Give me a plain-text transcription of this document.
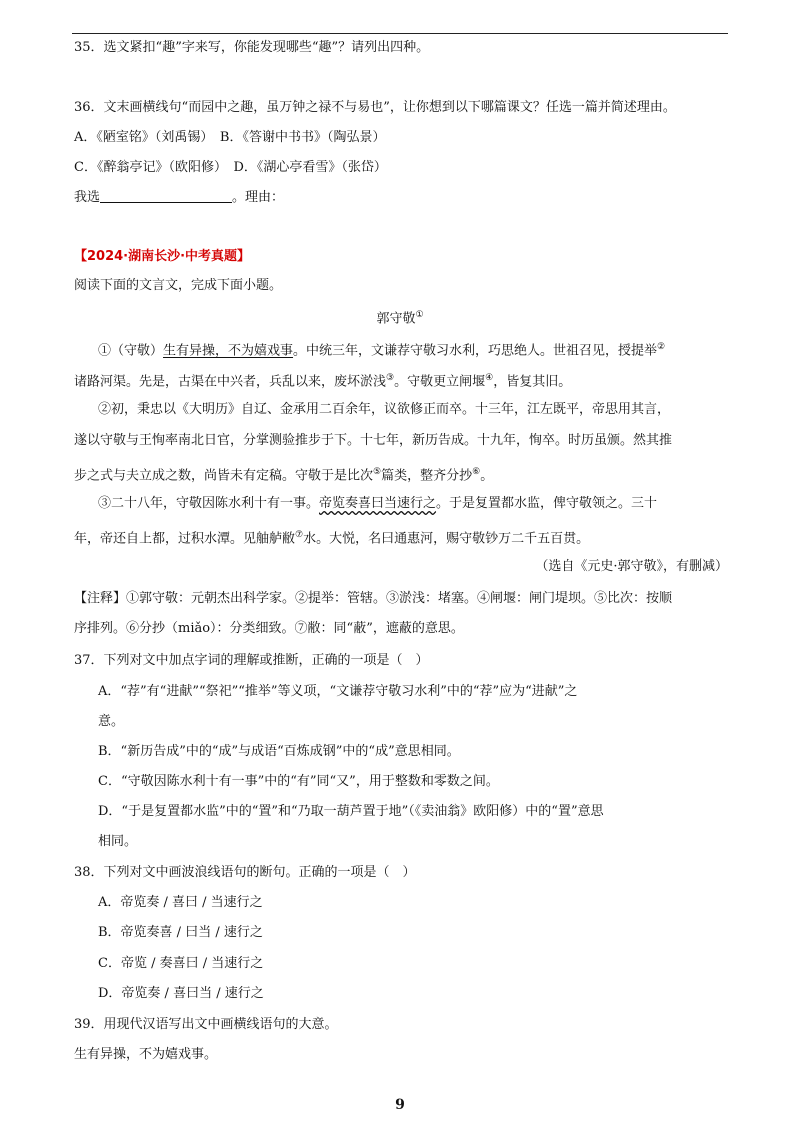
35．选文紧扣“趣”字来写，你能发现哪些“趣”？请列出四种。
36．文末画横线句“而园中之趣，虽万钟之禄不与易也”，让你想到以下哪篇课文？任选一篇并简述理由。
A．《陋室铭》（刘禹锡）　B．《答谢中书书》（陶弘景）
C．《醉翁亭记》（欧阳修）　D．《湖心亭看雪》（张岱）
我选	。理由：
【2024·湖南长沙·中考真题】
阅读下面的文言文，完成下面小题。
郭守敬①
①（守敬）生有异操，不为嬉戏事。中统三年，文谦荐守敬习水利，巧思绝人。世祖召见，授提举②
诸路河渠。先是，古渠在中兴者，兵乱以来，废坏淤浅③。守敬更立闸堰④，皆复其旧。
②初，秉忠以《大明历》自辽、金承用二百余年，议欲修正而卒。十三年，江左既平，帝思用其言，
遂以守敬与王恂率南北日官，分掌测验推步于下。十七年，新历告成。十九年，恂卒。时历虽颁。然其推
步之式与夫立成之数，尚皆未有定稿。守敬于是比次⑤篇类，整齐分抄⑥。
③二十八年，守敬因陈水利十有一事。帝览奏喜曰当速行之。于是复置都水监，俾守敬领之。三十
年，帝还自上都，过积水潭。见舳舻敝⑦水。大悦，名曰通惠河，赐守敬钞万二千五百贯。
（选自《元史·郭守敬》，有删减）
【注释】①郭守敬：元朝杰出科学家。②提举：管辖。③淤浅：堵塞。④闸堰：闸门堤坝。⑤比次：按顺
序排列。⑥分抄（miǎo）：分类细致。⑦敝：同“蔽”，遮蔽的意思。
37．下列对文中加点字词的理解或推断，正确的一项是（　）
A．“荐”有“进献”“祭祀”“推举”等义项，“文谦荐守敬习水利”中的“荐”应为“进献”之
意。
B．“新历告成”中的“成”与成语“百炼成钢”中的“成”意思相同。
C．“守敬因陈水利十有一事”中的“有”同“又”，用于整数和零数之间。
D．“于是复置都水监”中的“置”和“乃取一葫芦置于地”（《卖油翁》欧阳修）中的“置”意思
相同。
38．下列对文中画波浪线语句的断句。正确的一项是（　）
A．帝览奏 / 喜曰 / 当速行之
B．帝览奏喜 / 曰当 / 速行之
C．帝览 / 奏喜曰 / 当速行之
D．帝览奏 / 喜曰当 / 速行之
39．用现代汉语写出文中画横线语句的大意。
生有异操，不为嬉戏事。
9
